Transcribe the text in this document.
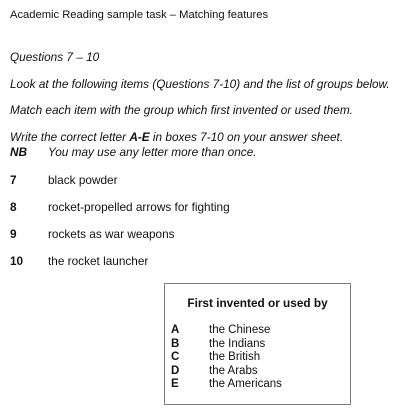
Academic Reading sample task – Matching features
Questions 7 – 10
Look at the following items (Questions 7-10) and the list of groups below.
Match each item with the group which first invented or used them.
Write the correct letter A-E in boxes 7-10 on your answer sheet.
NB You may use any letter more than once.
7	black powder
8	rocket-propelled arrows for fighting
9	rockets as war weapons
10 the rocket launcher
First invented or used by
A	the Chinese
B	the Indians
C	the British
D	the Arabs
E	the Americans
